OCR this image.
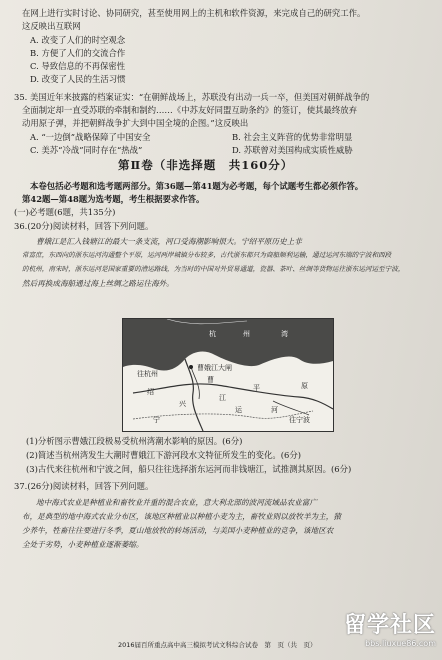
在网上进行实时讨论、协同研究，甚至使用网上的主机和软件资源，来完成自己的研究工作。
这反映出互联网
A. 改变了人们的时空观念
B. 方便了人们的交流合作
C. 导致信息的不再保密性
D. 改变了人民的生活习惯
35. 美国近年来披露的档案证实：“在朝鲜战场上，苏联没有出动一兵一卒，但美国对朝鲜战争的
全面制定却一直受苏联的牵制和制约……《中苏友好同盟互助条约》的签订，使其最终放弃
动用原子弹，并把朝鲜战争扩大到中国全境的企图。”这反映出
A. “一边倒”战略保障了中国安全	B. 社会主义阵营的优势非常明显
C. 美苏“冷战”同时存在“热战”	D. 苏联曾对美国构成实质性威胁
第Ⅱ卷（非选择题　共160分）
本卷包括必考题和选考题两部分。第36题—第41题为必考题，每个试题考生都必须作答。
第42题—第48题为选考题，考生根据要求作答。
(一)必考题(6题，共135分)
36.(20分)阅读材料，回答下列问题。
曹娥江是汇入钱塘江的最大一条支流，河口受海潮影响很大。宁绍平原历史上非
常富庶，东西向的浙东运河沟通整个平原，运河两岸城镇分布较多，古代浙东都只为商船顺利运输，通过运河东端的宁波和西段
的杭州，南宋时，浙东运河是国家重要的漕运路线，为当时的中国对外贸易通道，瓷器、茶叶、丝绸等货物运往浙东运河运至宁波，
然后再换成海船通过海上丝绸之路运往海外。
杭	州	湾
往杭州
曹娥江大闸
绍
曹
兴
江
平	原
宁
运	河
往宁波
(1)分析图示曹娥江段极易受杭州湾潮水影响的原因。(6分)
(2)简述当杭州湾发生大潮时曹娥江下游河段水文特征所发生的变化。(6分)
(3)古代来往杭州和宁波之间，船只往往选择浙东运河而非钱塘江，试推测其原因。(6分)
37.(26分)阅读材料，回答下列问题。
地中海式农业是种植业和畜牧业并重的混合农业，意大利北部的波河流域品农业富广
布，是典型的地中海式农业分布区，该地区种植业以种植小麦为主，畜牧业则以放牧羊为主，猿
少养牛，牲畜往往要进行冬季，夏山地放牧的转场活动，与美国小麦种植业的竞争，该地区农
全处于劣势，小麦种植业逐渐萎缩。
2016届百所重点高中高三模拟考试文科综合试卷　第　页（共　页）
留学社区
bbs.liuxue86.com
